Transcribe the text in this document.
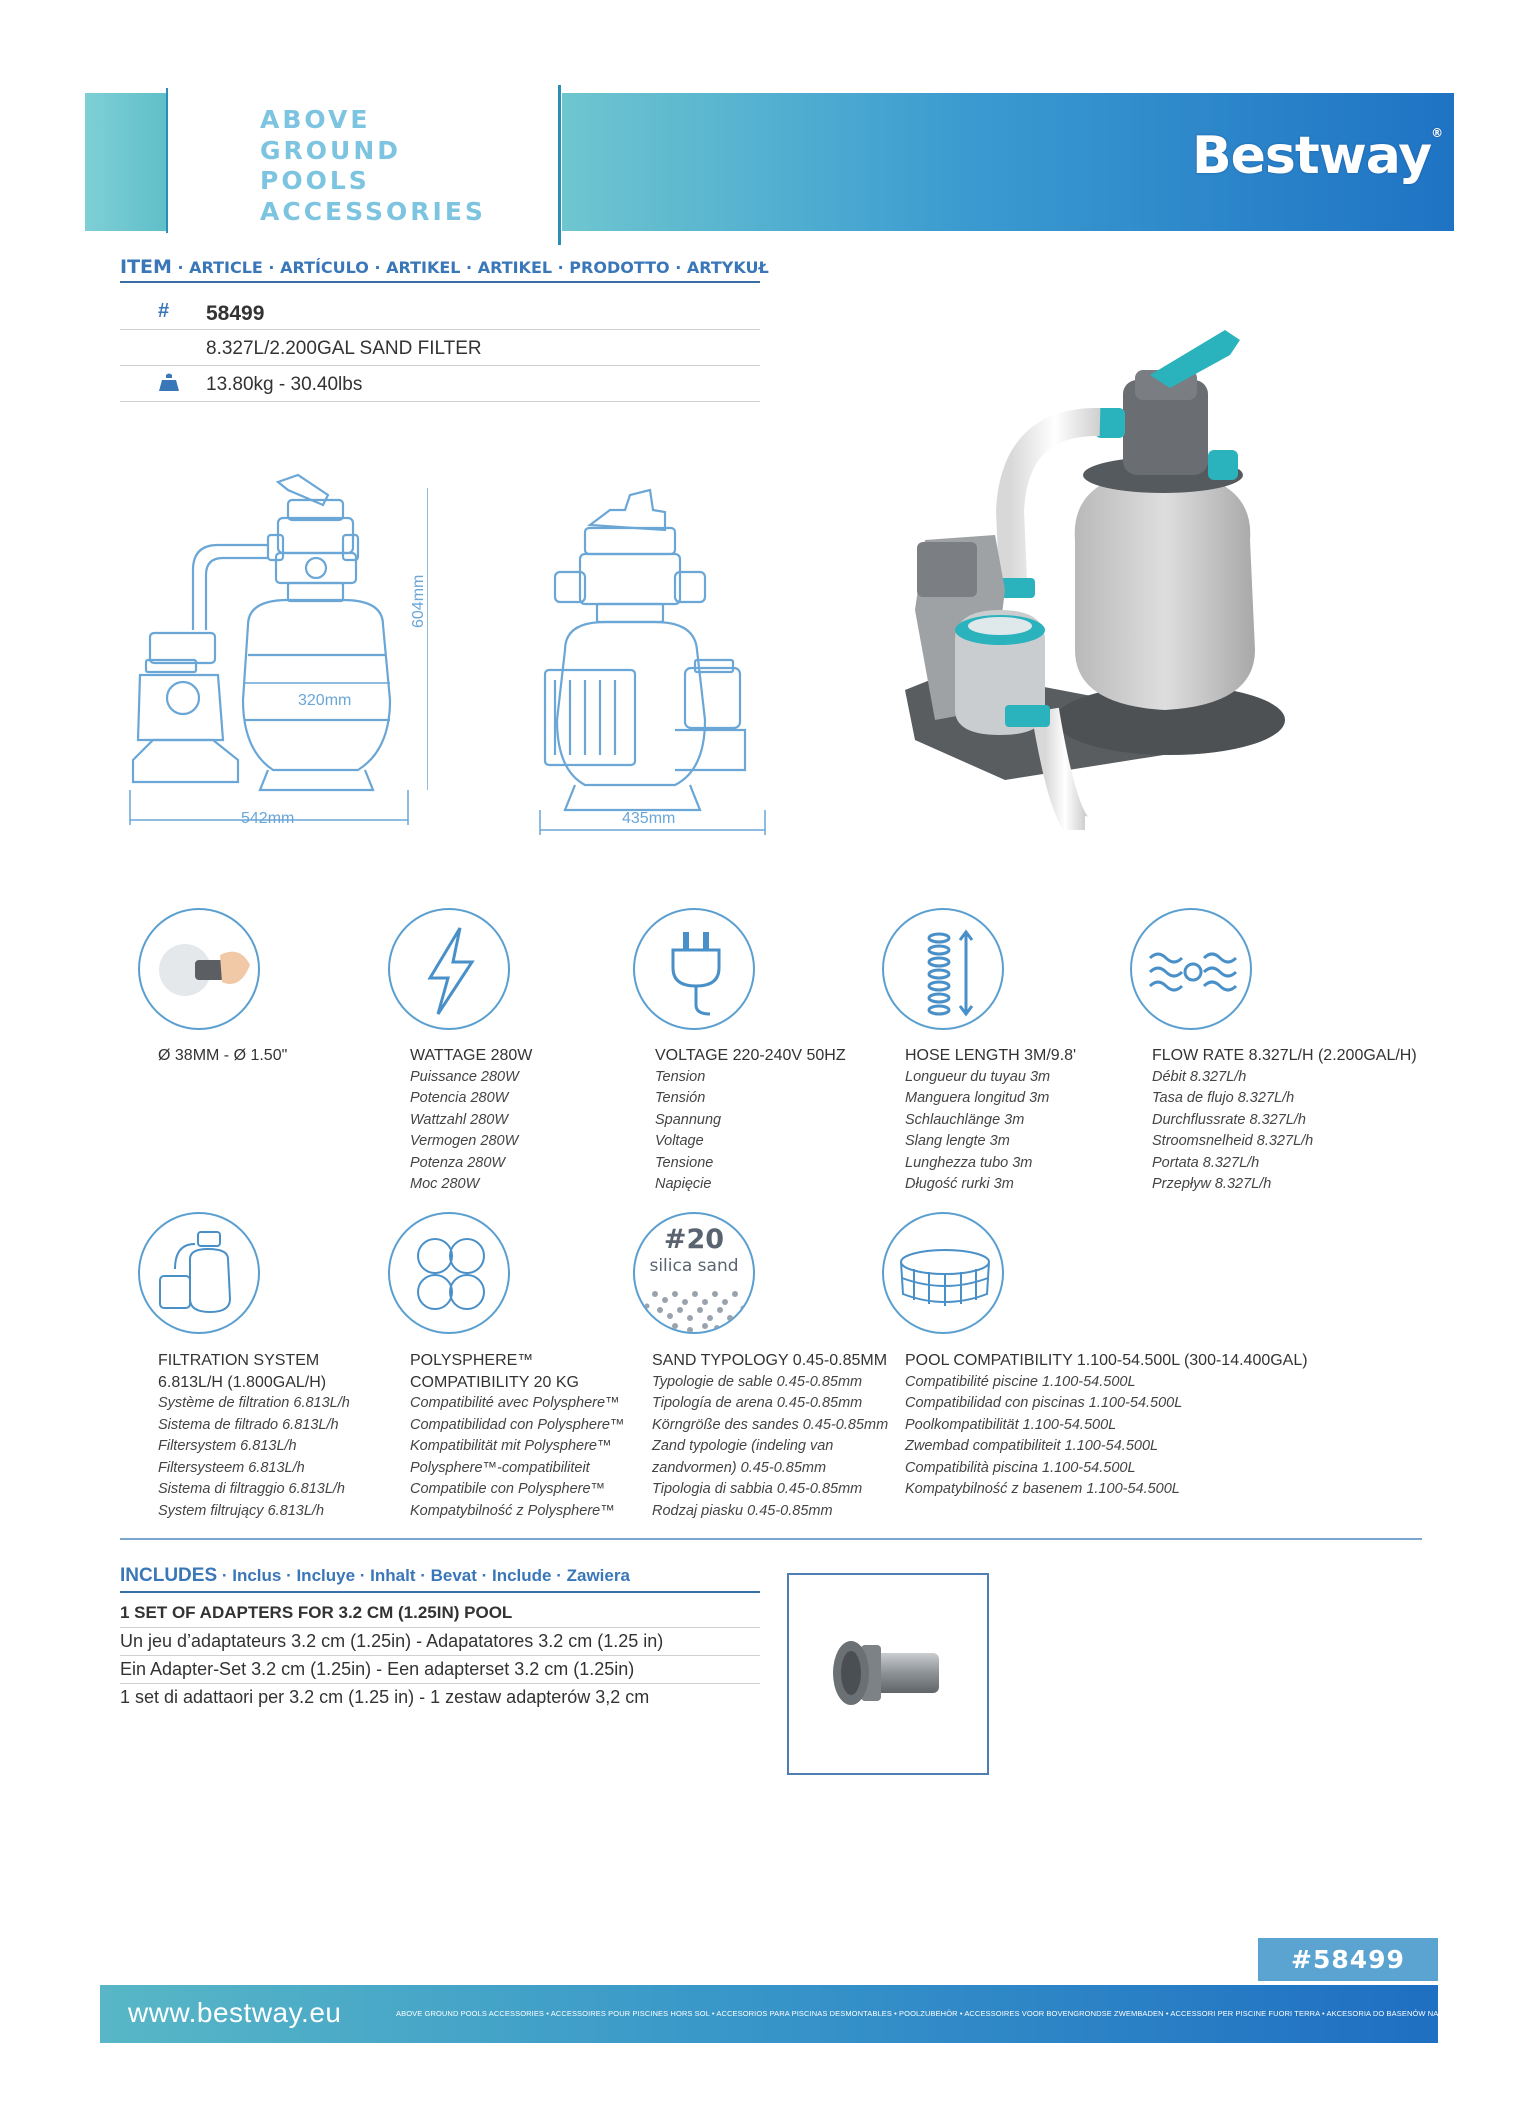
ABOVE
GROUND
POOLS
ACCESSORIES
Bestway®
ITEM · ARTICLE · ARTÍCULO · ARTIKEL · ARTIKEL · PRODOTTO · ARTYKUŁ
#	58499
8.327L/2.200GAL SAND FILTER
13.80kg - 30.40lbs
320mm
542mm
604mm
435mm
Ø 38MM - Ø 1.50"	WATTAGE 280W
Puissance 280W
Potencia 280W
Wattzahl 280W
Vermogen 280W
Potenza 280W
Moc 280W
VOLTAGE 220-240V 50HZ
Tension
Tensión
Spannung
Voltage
Tensione
Napięcie
HOSE LENGTH 3M/9.8'
Longueur du tuyau 3m
Manguera longitud 3m
Schlauchlänge 3m
Slang lengte 3m
Lunghezza tubo 3m
Długość rurki 3m
FLOW RATE 8.327L/H (2.200GAL/H)
Débit 8.327L/h
Tasa de flujo 8.327L/h
Durchflussrate 8.327L/h
Stroomsnelheid 8.327L/h
Portata 8.327L/h
Przepływ 8.327L/h
#20
silica sand
FILTRATION SYSTEM
6.813L/H (1.800GAL/H)
Système de filtration 6.813L/h
Sistema de filtrado 6.813L/h
Filtersystem 6.813L/h
Filtersysteem 6.813L/h
Sistema di filtraggio 6.813L/h
System filtrujący 6.813L/h
POLYSPHERE™
COMPATIBILITY 20 KG
Compatibilité avec Polysphere™
Compatibilidad con Polysphere™
Kompatibilität mit Polysphere™
Polysphere™-compatibiliteit
Compatibile con Polysphere™
Kompatybilność z Polysphere™
SAND TYPOLOGY 0.45-0.85MM
Typologie de sable 0.45-0.85mm
Tipología de arena 0.45-0.85mm
Körngröße des sandes 0.45-0.85mm
Zand typologie (indeling van
zandvormen) 0.45-0.85mm
Tipologia di sabbia 0.45-0.85mm
Rodzaj piasku 0.45-0.85mm
POOL COMPATIBILITY 1.100-54.500L (300-14.400GAL)
Compatibilité piscine 1.100-54.500L
Compatibilidad con piscinas 1.100-54.500L
Poolkompatibilität 1.100-54.500L
Zwembad compatibiliteit 1.100-54.500L
Compatibilità piscina 1.100-54.500L
Kompatybilność z basenem 1.100-54.500L
INCLUDES · Inclus · Incluye · Inhalt · Bevat · Include · Zawiera
1 SET OF ADAPTERS FOR 3.2 CM (1.25IN) POOL
Un jeu d’adaptateurs 3.2 cm (1.25in) - Adapatatores 3.2 cm (1.25 in)
Ein Adapter-Set 3.2 cm (1.25in) - Een adapterset 3.2 cm (1.25in)
1 set di adattaori per 3.2 cm (1.25 in) - 1 zestaw adapterów 3,2 cm
#58499
www.bestway.eu	ABOVE GROUND POOLS ACCESSORIES • ACCESSOIRES POUR PISCINES HORS SOL • ACCESORIOS PARA PISCINAS DESMONTABLES • POOLZUBEHÖR • ACCESSOIRES VOOR BOVENGRONDSE ZWEMBADEN • ACCESSORI PER PISCINE FUORI TERRA • AKCESORIA DO BASENÓW NAZIEMNYCH
